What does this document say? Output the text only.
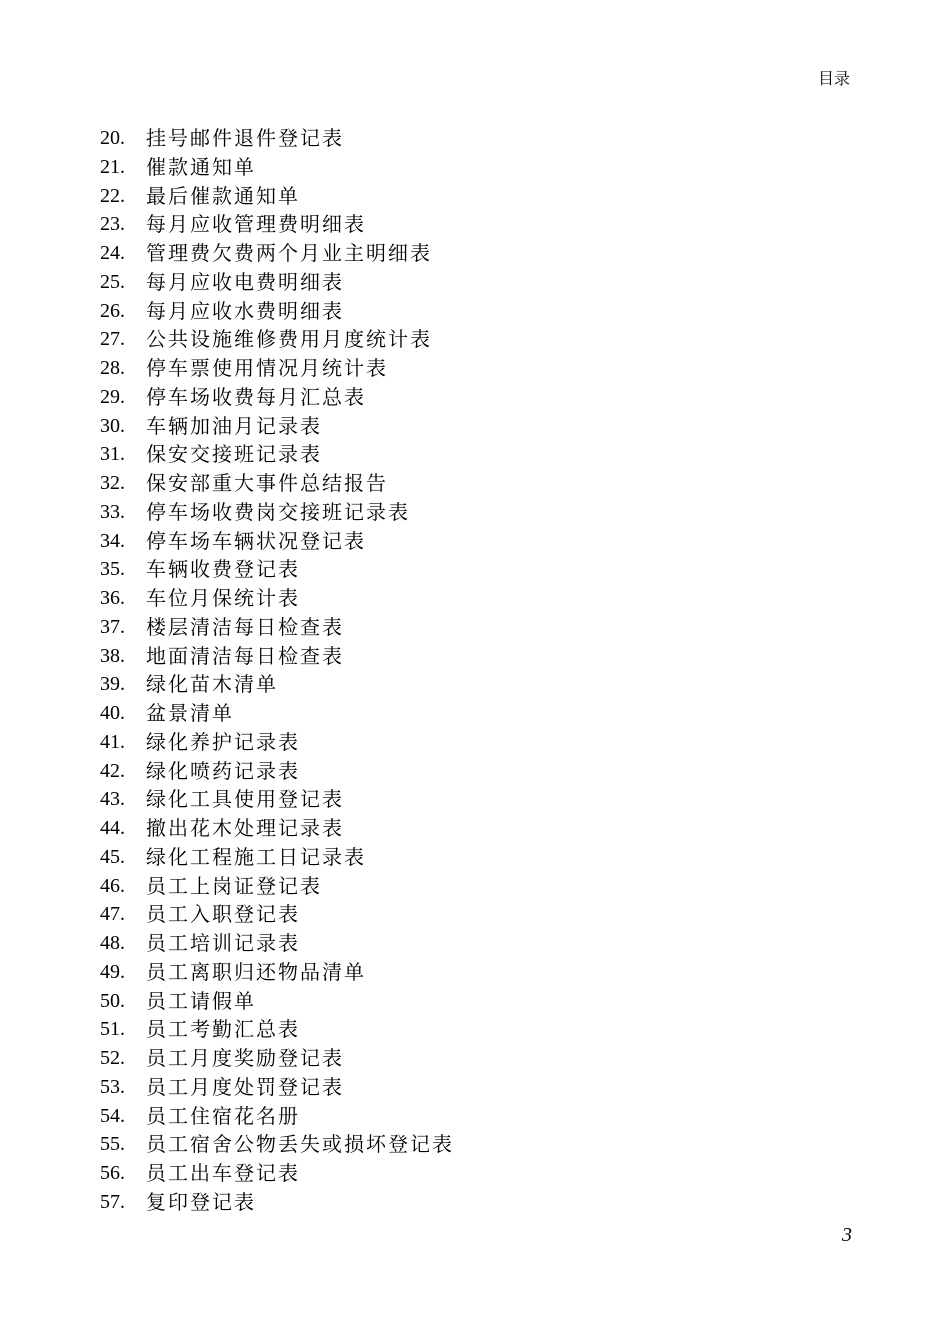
目录
20.	挂号邮件退件登记表
21.	催款通知单
22.	最后催款通知单
23.	每月应收管理费明细表
24.	管理费欠费两个月业主明细表
25.	每月应收电费明细表
26.	每月应收水费明细表
27.	公共设施维修费用月度统计表
28.	停车票使用情况月统计表
29.	停车场收费每月汇总表
30.	车辆加油月记录表
31.	保安交接班记录表
32.	保安部重大事件总结报告
33.	停车场收费岗交接班记录表
34.	停车场车辆状况登记表
35.	车辆收费登记表
36.	车位月保统计表
37.	楼层清洁每日检查表
38.	地面清洁每日检查表
39.	绿化苗木清单
40.	盆景清单
41.	绿化养护记录表
42.	绿化喷药记录表
43.	绿化工具使用登记表
44.	撤出花木处理记录表
45.	绿化工程施工日记录表
46.	员工上岗证登记表
47.	员工入职登记表
48.	员工培训记录表
49.	员工离职归还物品清单
50.	员工请假单
51.	员工考勤汇总表
52.	员工月度奖励登记表
53.	员工月度处罚登记表
54.	员工住宿花名册
55.	员工宿舍公物丢失或损坏登记表
56.	员工出车登记表
57.	复印登记表
3
